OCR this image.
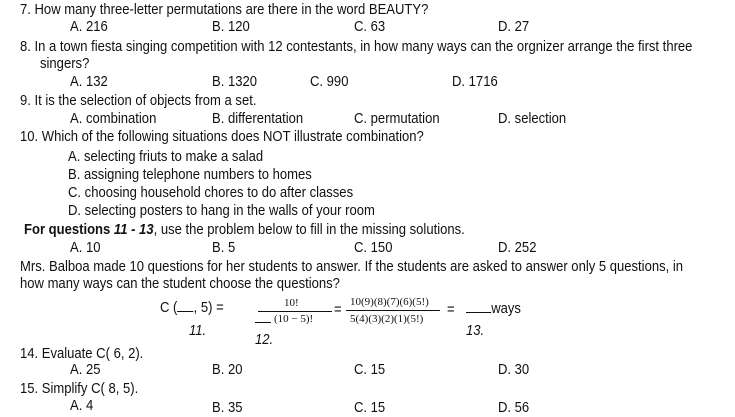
7. How many three-letter permutations are there in the word BEAUTY?
A. 216	B. 120	C. 63	D. 27
8. In a town fiesta singing competition with 12 contestants, in how many ways can the orgnizer arrange the first three
singers?
A. 132	B. 1320	C. 990	D. 1716
9. It is the selection of objects from a set.
A. combination	B. differentation	C. permutation	D. selection
10. Which of the following situations does NOT illustrate combination?
A. selecting friuts to make a salad
B. assigning telephone numbers to homes
C. choosing household chores to do after classes
D. selecting posters to hang in the walls of your room
For questions 11 - 13, use the problem below to fill in the missing solutions.
A. 10	B. 5	C. 150	D. 252
Mrs. Balboa made 10 questions for her students to answer. If the students are asked to answer only 5 questions, in
how many ways can the student choose the questions?
C ( , 5) =	10!
(10 − 5)!
= 10(9)(8)(7)(6)(5!)
5(4)(3)(2)(1)(5!)
=	ways
11.
12.
13.
14. Evaluate C( 6, 2).
A. 25	B. 20	C. 15	D. 30
15. Simplify C( 8, 5).
A. 4	B. 35	C. 15	D. 56
